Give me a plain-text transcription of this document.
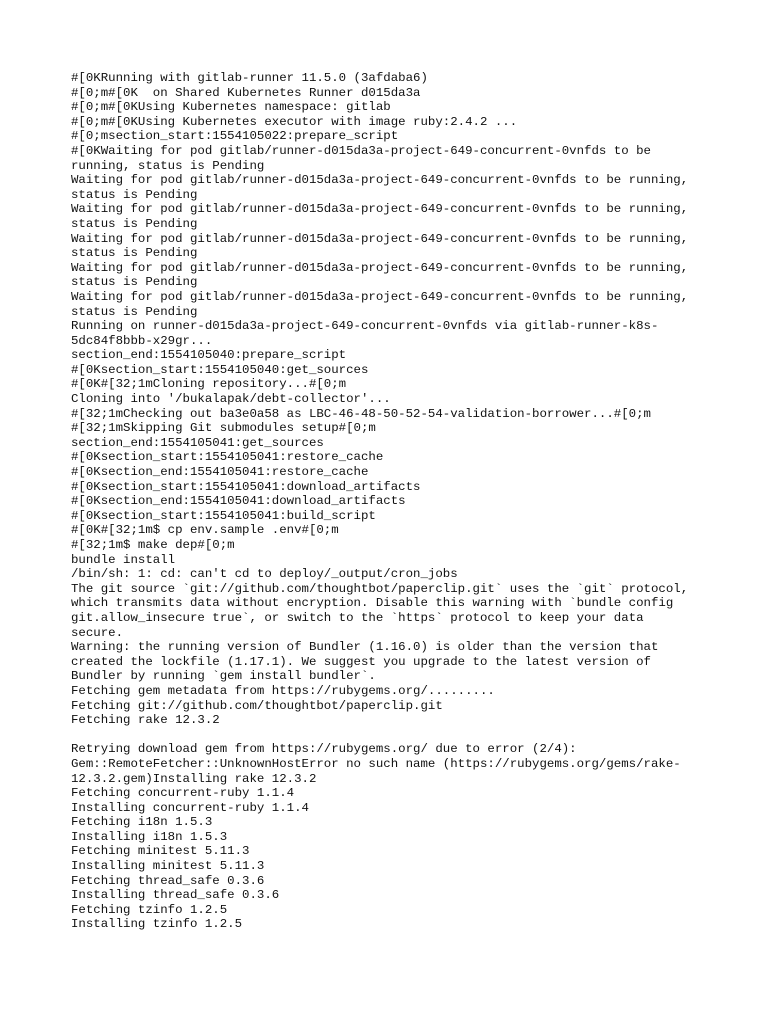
#[0KRunning with gitlab-runner 11.5.0 (3afdaba6)
#[0;m#[0K  on Shared Kubernetes Runner d015da3a
#[0;m#[0KUsing Kubernetes namespace: gitlab
#[0;m#[0KUsing Kubernetes executor with image ruby:2.4.2 ...
#[0;msection_start:1554105022:prepare_script
#[0KWaiting for pod gitlab/runner-d015da3a-project-649-concurrent-0vnfds to be
running, status is Pending
Waiting for pod gitlab/runner-d015da3a-project-649-concurrent-0vnfds to be running,
status is Pending
Waiting for pod gitlab/runner-d015da3a-project-649-concurrent-0vnfds to be running,
status is Pending
Waiting for pod gitlab/runner-d015da3a-project-649-concurrent-0vnfds to be running,
status is Pending
Waiting for pod gitlab/runner-d015da3a-project-649-concurrent-0vnfds to be running,
status is Pending
Waiting for pod gitlab/runner-d015da3a-project-649-concurrent-0vnfds to be running,
status is Pending
Running on runner-d015da3a-project-649-concurrent-0vnfds via gitlab-runner-k8s-
5dc84f8bbb-x29gr...
section_end:1554105040:prepare_script
#[0Ksection_start:1554105040:get_sources
#[0K#[32;1mCloning repository...#[0;m
Cloning into '/bukalapak/debt-collector'...
#[32;1mChecking out ba3e0a58 as LBC-46-48-50-52-54-validation-borrower...#[0;m
#[32;1mSkipping Git submodules setup#[0;m
section_end:1554105041:get_sources
#[0Ksection_start:1554105041:restore_cache
#[0Ksection_end:1554105041:restore_cache
#[0Ksection_start:1554105041:download_artifacts
#[0Ksection_end:1554105041:download_artifacts
#[0Ksection_start:1554105041:build_script
#[0K#[32;1m$ cp env.sample .env#[0;m
#[32;1m$ make dep#[0;m
bundle install
/bin/sh: 1: cd: can't cd to deploy/_output/cron_jobs
The git source `git://github.com/thoughtbot/paperclip.git` uses the `git` protocol,
which transmits data without encryption. Disable this warning with `bundle config
git.allow_insecure true`, or switch to the `https` protocol to keep your data
secure.
Warning: the running version of Bundler (1.16.0) is older than the version that
created the lockfile (1.17.1). We suggest you upgrade to the latest version of
Bundler by running `gem install bundler`.
Fetching gem metadata from https://rubygems.org/.........
Fetching git://github.com/thoughtbot/paperclip.git
Fetching rake 12.3.2
Retrying download gem from https://rubygems.org/ due to error (2/4):
Gem::RemoteFetcher::UnknownHostError no such name (https://rubygems.org/gems/rake-
12.3.2.gem)Installing rake 12.3.2
Fetching concurrent-ruby 1.1.4
Installing concurrent-ruby 1.1.4
Fetching i18n 1.5.3
Installing i18n 1.5.3
Fetching minitest 5.11.3
Installing minitest 5.11.3
Fetching thread_safe 0.3.6
Installing thread_safe 0.3.6
Fetching tzinfo 1.2.5
Installing tzinfo 1.2.5
